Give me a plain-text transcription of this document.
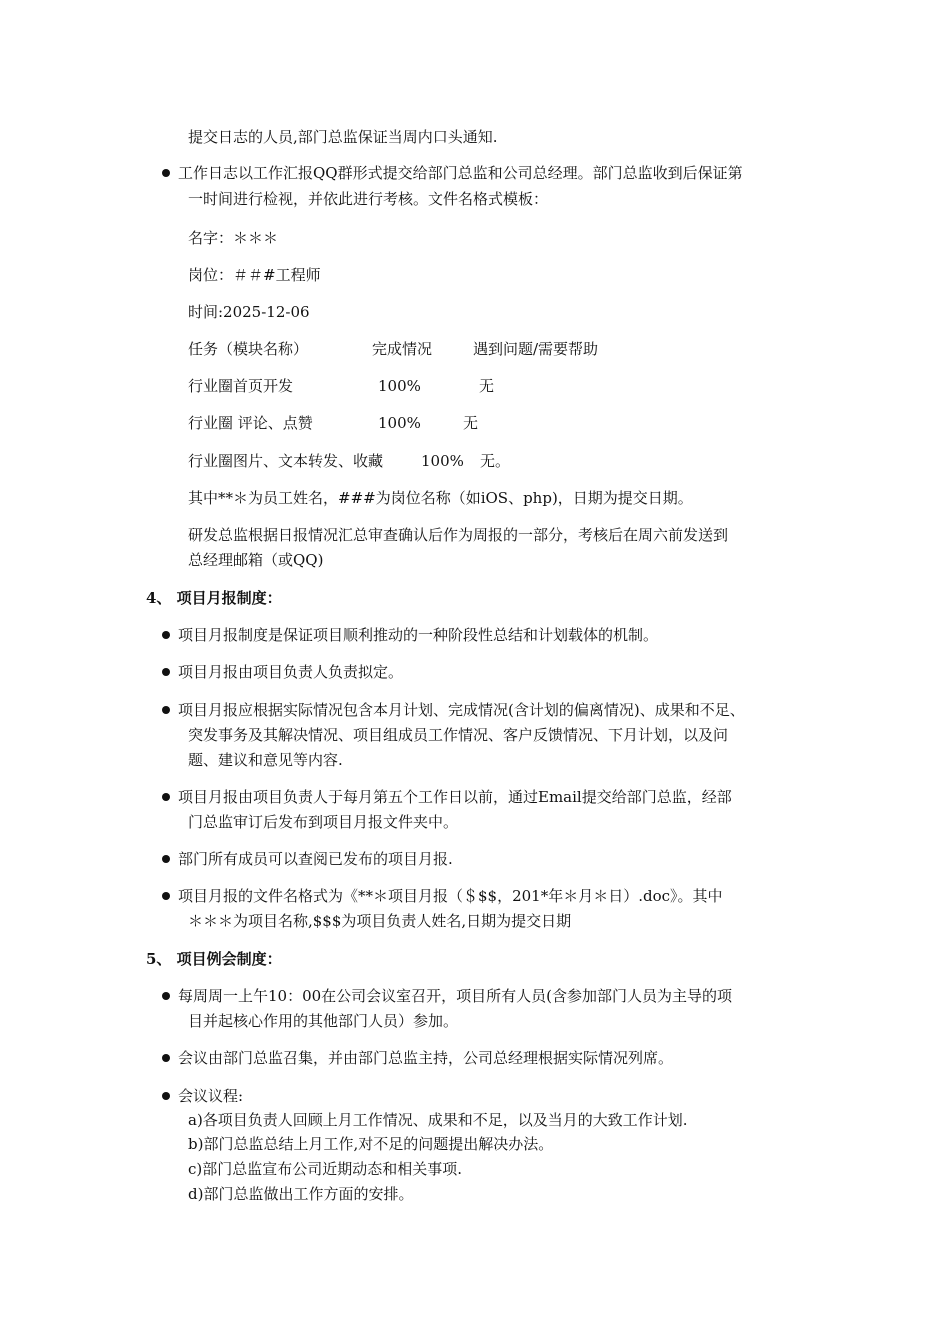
提交日志的人员,部门总监保证当周内口头通知.
工作日志以工作汇报QQ群形式提交给部门总监和公司总经理。部门总监收到后保证第
一时间进行检视，并依此进行考核。文件名格式模板：
名字：＊＊＊
岗位：＃＃#工程师
时间:2025-12-06
任务（模块名称）	完成情况	遇到问题/需要帮助
行业圈首页开发	100%	无
行业圈 评论、点赞	100%	无
行业圈图片、文本转发、收藏	100% 无。
其中**＊为员工姓名，###为岗位名称（如iOS、php)，日期为提交日期。
研发总监根据日报情况汇总审查确认后作为周报的一部分，考核后在周六前发送到
总经理邮箱（或QQ)
4、 项目月报制度：
项目月报制度是保证项目顺利推动的一种阶段性总结和计划载体的机制。
项目月报由项目负责人负责拟定。
项目月报应根据实际情况包含本月计划、完成情况(含计划的偏离情况)、成果和不足、
突发事务及其解决情况、项目组成员工作情况、客户反馈情况、下月计划，以及问
题、建议和意见等内容.
项目月报由项目负责人于每月第五个工作日以前，通过Email提交给部门总监，经部
门总监审订后发布到项目月报文件夹中。
部门所有成员可以查阅已发布的项目月报.
项目月报的文件名格式为《**＊项目月报（＄$$，201*年＊月＊日）.doc》。其中
＊＊＊为项目名称,$$$为项目负责人姓名,日期为提交日期
5、 项目例会制度：
每周周一上午10：00在公司会议室召开，项目所有人员(含参加部门人员为主导的项
目并起核心作用的其他部门人员）参加。
会议由部门总监召集，并由部门总监主持，公司总经理根据实际情况列席。
会议议程:
a)各项目负责人回顾上月工作情况、成果和不足，以及当月的大致工作计划.
b)部门总监总结上月工作,对不足的问题提出解决办法。
c)部门总监宣布公司近期动态和相关事项.
d)部门总监做出工作方面的安排。
